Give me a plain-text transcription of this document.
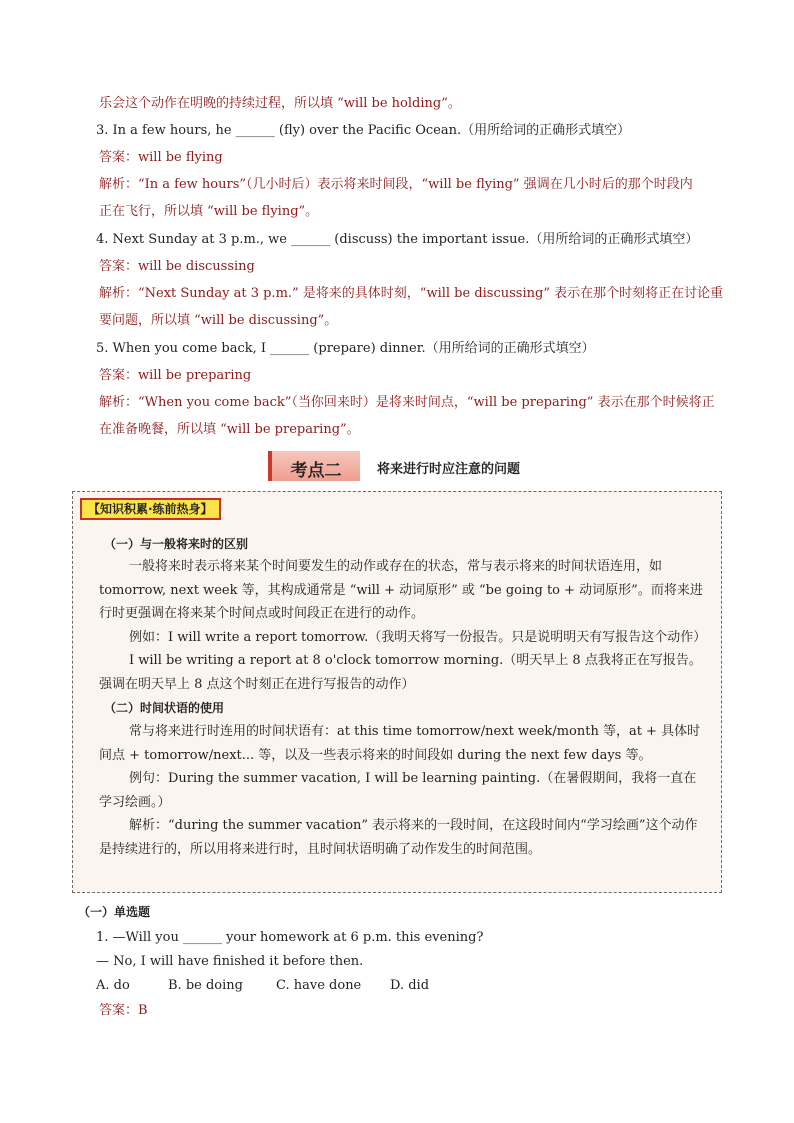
乐会这个动作在明晚的持续过程，所以填 “will be holding”。
3. In a few hours, he ______ (fly) over the Pacific Ocean.（用所给词的正确形式填空）
答案：will be flying
解析：“In a few hours”（几小时后）表示将来时间段，“will be flying” 强调在几小时后的那个时段内
正在飞行，所以填 “will be flying”。
4. Next Sunday at 3 p.m., we ______ (discuss) the important issue.（用所给词的正确形式填空）
答案：will be discussing
解析：“Next Sunday at 3 p.m.” 是将来的具体时刻，“will be discussing” 表示在那个时刻将正在讨论重
要问题，所以填 “will be discussing”。
5. When you come back, I ______ (prepare) dinner.（用所给词的正确形式填空）
答案：will be preparing
解析：“When you come back”（当你回来时）是将来时间点，“will be preparing” 表示在那个时候将正
在准备晚餐，所以填 “will be preparing”。
考点二	将来进行时应注意的问题
【知识积累·练前热身】
（一）与一般将来时的区别

一般将来时表示将来某个时间要发生的动作或存在的状态，常与表示将来的时间状语连用，如 tomorrow, next week 等，其构成通常是 “will + 动词原形” 或 “be going to + 动词原形”。而将来进行时更强调在将来某个时间点或时间段正在进行的动作。

例如：I will write a report tomorrow.（我明天将写一份报告。只是说明明天有写报告这个动作）

I will be writing a report at 8 o'clock tomorrow morning.（明天早上 8 点我将正在写报告。强调在明天早上 8 点这个时刻正在进行写报告的动作）

（二）时间状语的使用

常与将来进行时连用的时间状语有：at this time tomorrow/next week/month 等，at + 具体时间点 + tomorrow/next... 等，以及一些表示将来的时间段如 during the next few days 等。

例句：During the summer vacation, I will be learning painting.（在暑假期间，我将一直在学习绘画。）

解析：“during the summer vacation” 表示将来的一段时间，在这段时间内“学习绘画”这个动作是持续进行的，所以用将来进行时，且时间状语明确了动作发生的时间范围。

（一）单选题
1. —Will you ______ your homework at 6 p.m. this evening?
— No, I will have finished it before then.
A. do	B. be doing	C. have done D. did
答案：B
